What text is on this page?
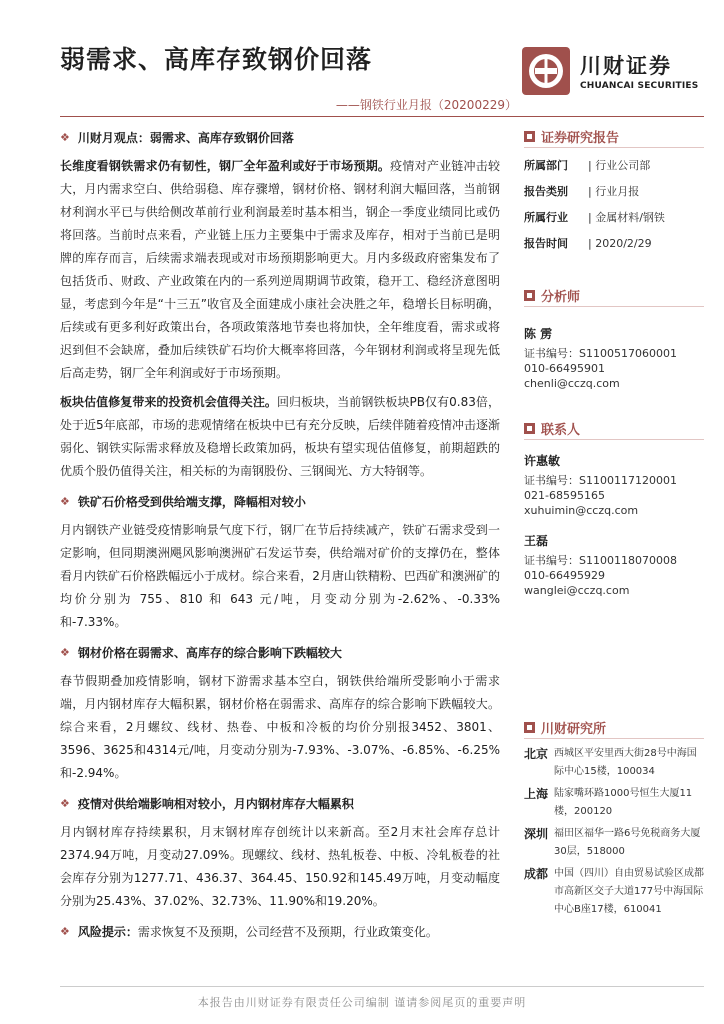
弱需求、高库存致钢价回落
——钢铁行业月报（20200229）
川财证券
CHUANCAI SECURITIES
❖ 川财月观点：弱需求、高库存致钢价回落

长维度看钢铁需求仍有韧性，钢厂全年盈利或好于市场预期。疫情对产业链冲击较大，月内需求空白、供给弱稳、库存骤增，钢材价格、钢材利润大幅回落，当前钢材利润水平已与供给侧改革前行业利润最差时基本相当，钢企一季度业绩同比或仍将回落。当前时点来看，产业链上压力主要集中于需求及库存，相对于当前已是明牌的库存而言，后续需求端表现或对市场预期影响更大。月内多级政府密集发布了包括货币、财政、产业政策在内的一系列逆周期调节政策，稳开工、稳经济意图明显，考虑到今年是“十三五”收官及全面建成小康社会决胜之年，稳增长目标明确，后续或有更多利好政策出台，各项政策落地节奏也将加快，全年维度看，需求或将迟到但不会缺席，叠加后续铁矿石均价大概率将回落，今年钢材利润或将呈现先低后高走势，钢厂全年利润或好于市场预期。

板块估值修复带来的投资机会值得关注。回归板块，当前钢铁板块PB仅有0.83倍，处于近5年底部，市场的悲观情绪在板块中已有充分反映，后续伴随着疫情冲击逐渐弱化、钢铁实际需求释放及稳增长政策加码，板块有望实现估值修复，前期超跌的优质个股仍值得关注，相关标的为南钢股份、三钢闽光、方大特钢等。

❖ 铁矿石价格受到供给端支撑，降幅相对较小

月内钢铁产业链受疫情影响景气度下行，钢厂在节后持续减产，铁矿石需求受到一定影响，但同期澳洲飓风影响澳洲矿石发运节奏，供给端对矿价的支撑仍在，整体看月内铁矿石价格跌幅远小于成材。综合来看，2月唐山铁精粉、巴西矿和澳洲矿的均价分别为 755、810 和 643 元/吨，月变动分别为-2.62%、-0.33%和-7.33%。

❖ 钢材价格在弱需求、高库存的综合影响下跌幅较大

春节假期叠加疫情影响，钢材下游需求基本空白，钢铁供给端所受影响小于需求端，月内钢材库存大幅积累，钢材价格在弱需求、高库存的综合影响下跌幅较大。综合来看，2月螺纹、线材、热卷、中板和冷板的均价分别报3452、3801、3596、3625和4314元/吨，月变动分别为-7.93%、-3.07%、-6.85%、-6.25%和-2.94%。

❖ 疫情对供给端影响相对较小，月内钢材库存大幅累积

月内钢材库存持续累积，月末钢材库存创统计以来新高。至2月末社会库存总计2374.94万吨，月变动27.09%。现螺纹、线材、热轧板卷、中板、冷轧板卷的社会库存分别为1277.71、436.37、364.45、150.92和145.49万吨，月变动幅度分别为25.43%、37.02%、32.73%、11.90%和19.20%。

❖ 风险提示： 需求恢复不及预期，公司经营不及预期，行业政策变化。
证券研究报告
所属部门	| 行业公司部
报告类别	| 行业月报
所属行业	| 金属材料/钢铁
报告时间	| 2020/2/29
分析师
陈 雳
证书编号：S1100517060001
010-66495901
chenli@cczq.com
联系人
许惠敏
证书编号：S1100117120001
021-68595165
xuhuimin@cczq.com
王磊
证书编号：S1100118070008
010-66495929
wanglei@cczq.com
川财研究所
北京 西城区平安里西大街28号中海国际中心15楼，100034
上海 陆家嘴环路1000号恒生大厦11楼，200120
深圳 福田区福华一路6号免税商务大厦30层，518000
成都 中国（四川）自由贸易试验区成都市高新区交子大道177号中海国际中心B座17楼，610041
本报告由川财证券有限责任公司编制 谨请参阅尾页的重要声明
